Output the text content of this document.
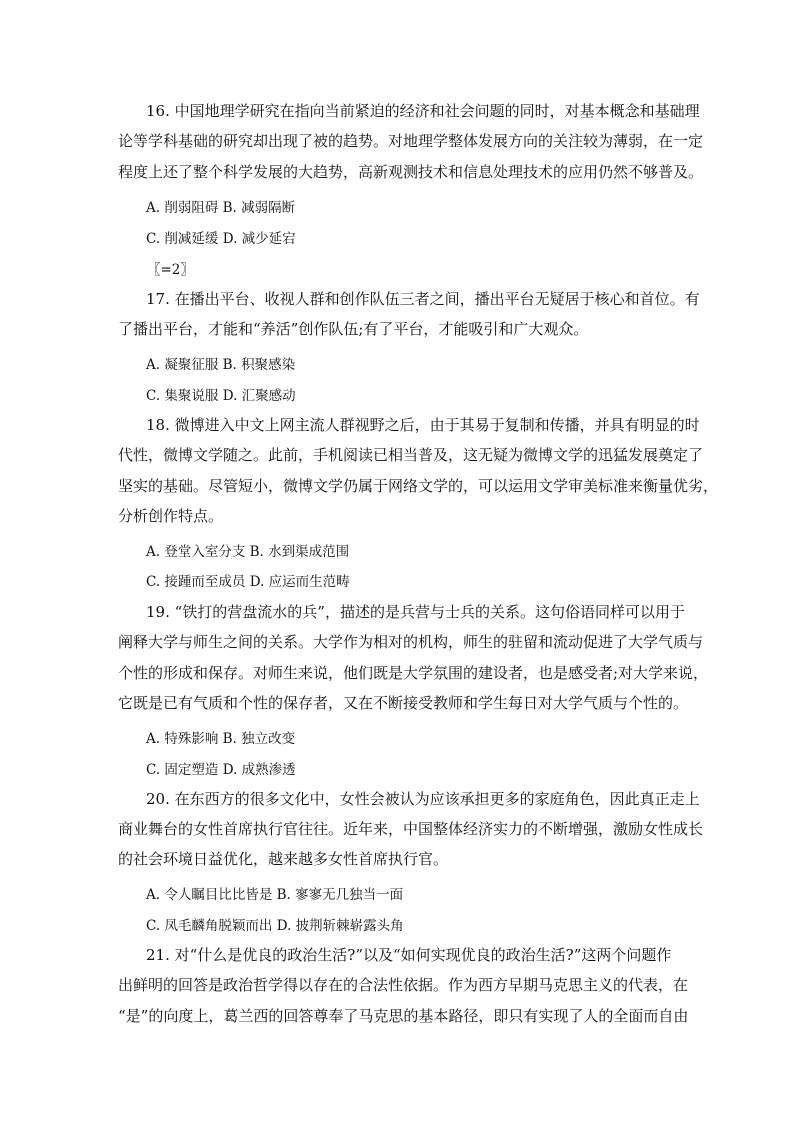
16. 中国地理学研究在指向当前紧迫的经济和社会问题的同时，对基本概念和基础理
论等学科基础的研究却出现了被的趋势。对地理学整体发展方向的关注较为薄弱，在一定
程度上还了整个科学发展的大趋势，高新观测技术和信息处理技术的应用仍然不够普及。
A. 削弱阻碍 B. 减弱隔断
C. 削减延缓 D. 减少延宕
〖=2〗
17. 在播出平台、收视人群和创作队伍三者之间，播出平台无疑居于核心和首位。有
了播出平台，才能和“养活”创作队伍;有了平台，才能吸引和广大观众。
A. 凝聚征服 B. 积聚感染
C. 集聚说服 D. 汇聚感动
18. 微博进入中文上网主流人群视野之后，由于其易于复制和传播，并具有明显的时
代性，微博文学随之。此前，手机阅读已相当普及，这无疑为微博文学的迅猛发展奠定了
坚实的基础。尽管短小，微博文学仍属于网络文学的，可以运用文学审美标准来衡量优劣，
分析创作特点。
A. 登堂入室分支 B. 水到渠成范围
C. 接踵而至成员 D. 应运而生范畴
19. “铁打的营盘流水的兵”，描述的是兵营与士兵的关系。这句俗语同样可以用于
阐释大学与师生之间的关系。大学作为相对的机构，师生的驻留和流动促进了大学气质与
个性的形成和保存。对师生来说，他们既是大学氛围的建设者，也是感受者;对大学来说，
它既是已有气质和个性的保存者，又在不断接受教师和学生每日对大学气质与个性的。
A. 特殊影响 B. 独立改变
C. 固定塑造 D. 成熟渗透
20. 在东西方的很多文化中，女性会被认为应该承担更多的家庭角色，因此真正走上
商业舞台的女性首席执行官往往。近年来，中国整体经济实力的不断增强，激励女性成长
的社会环境日益优化，越来越多女性首席执行官。
A. 令人瞩目比比皆是 B. 寥寥无几独当一面
C. 凤毛麟角脱颖而出 D. 披荆斩棘崭露头角
21. 对“什么是优良的政治生活?”以及“如何实现优良的政治生活?”这两个问题作
出鲜明的回答是政治哲学得以存在的合法性依据。作为西方早期马克思主义的代表，在
“是”的向度上，葛兰西的回答尊奉了马克思的基本路径，即只有实现了人的全面而自由
